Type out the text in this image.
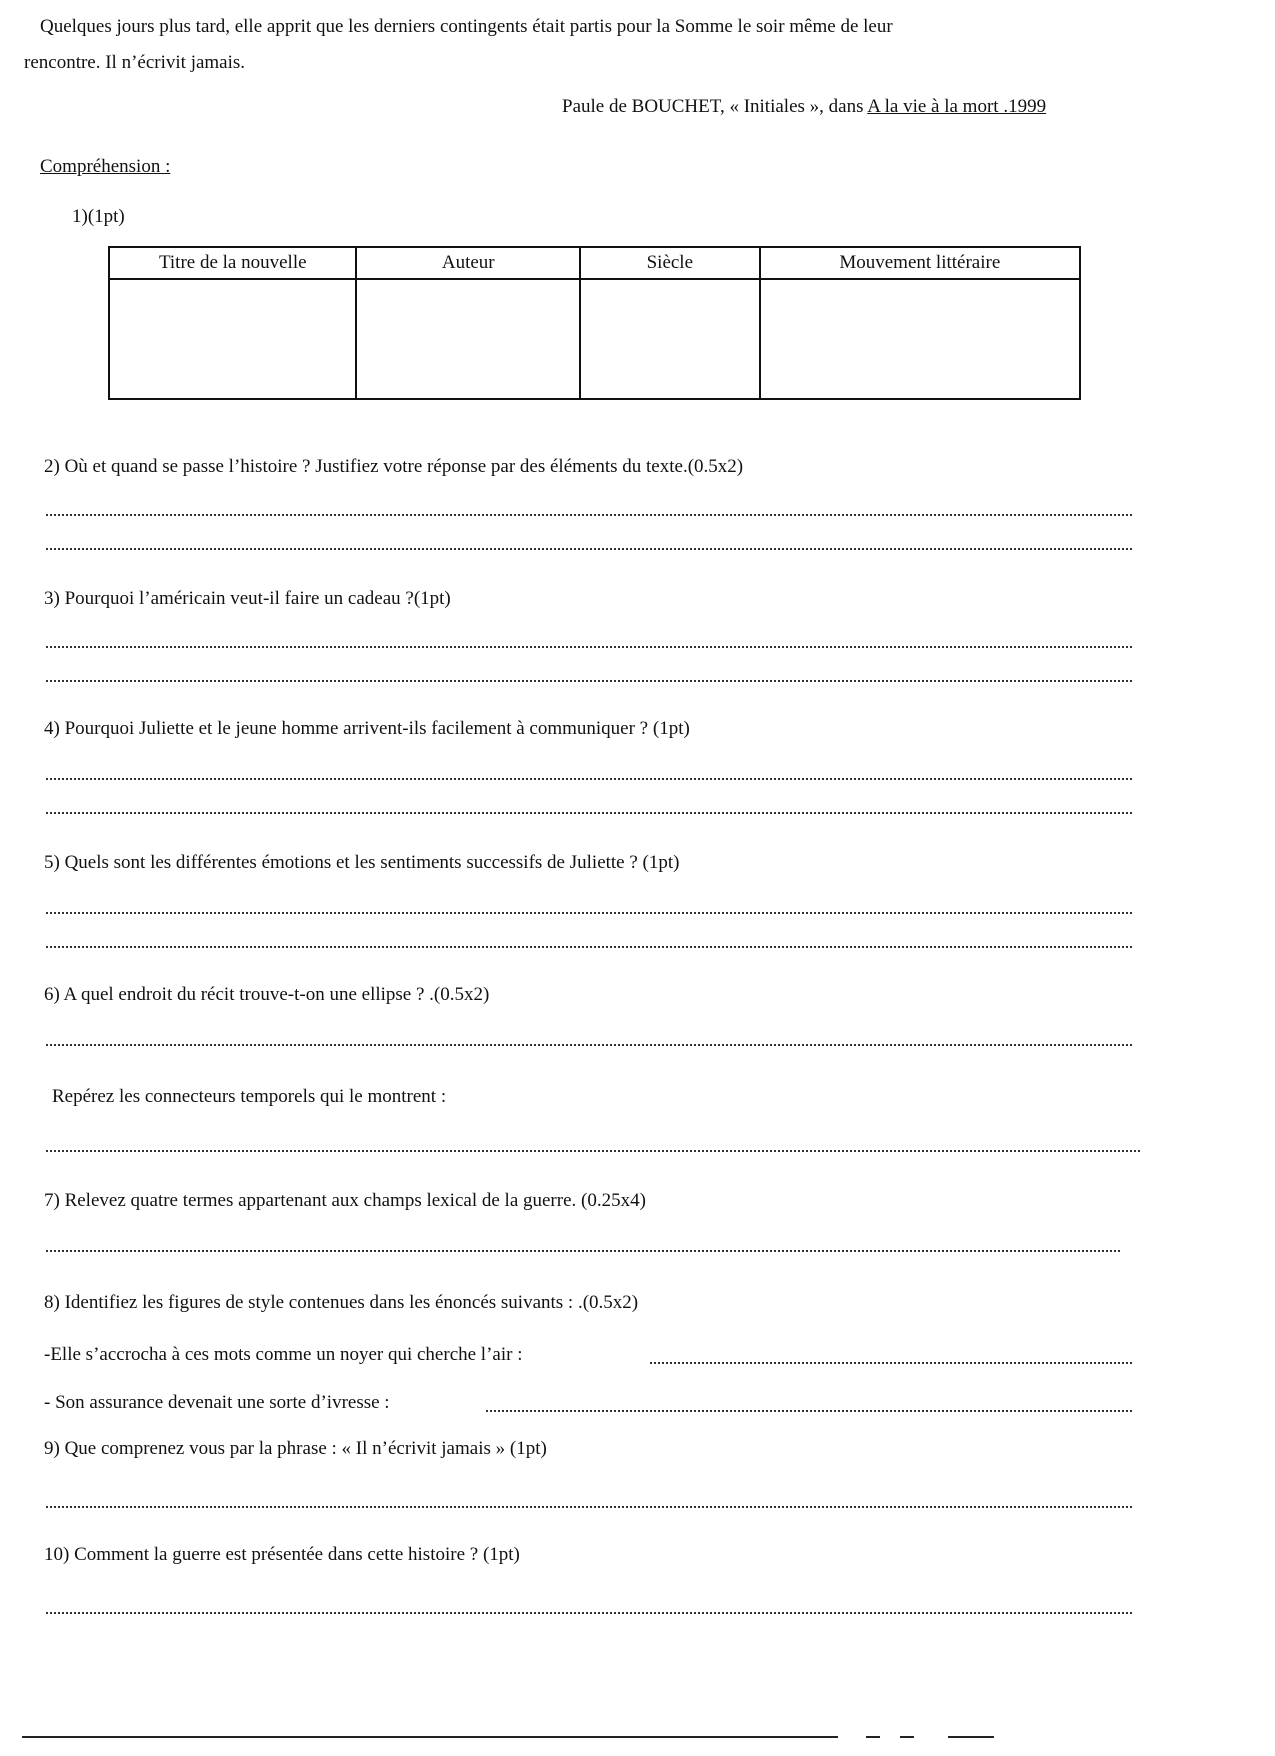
Quelques jours plus tard, elle apprit que les derniers contingents était partis pour la Somme le soir même de leur
rencontre. Il n’écrivit jamais.
Paule de BOUCHET, « Initiales », dans A la vie à la mort .1999
Compréhension :
1)(1pt)
Titre de la nouvelle	Auteur	Siècle	Mouvement littéraire

2) Où et quand se passe l’histoire ? Justifiez votre réponse par des éléments du texte.(0.5x2)
3) Pourquoi l’américain veut-il faire un cadeau ?(1pt)
4) Pourquoi Juliette et le jeune homme arrivent-ils facilement à communiquer ? (1pt)
5) Quels sont les différentes émotions et les sentiments successifs de Juliette ? (1pt)
6) A quel endroit du récit trouve-t-on une ellipse ? .(0.5x2)
Repérez les connecteurs temporels qui le montrent :
7) Relevez quatre termes appartenant aux champs lexical de la guerre. (0.25x4)
8) Identifiez les figures de style contenues dans les énoncés suivants : .(0.5x2)
-Elle s’accrocha à ces mots comme un noyer qui cherche l’air :
- Son assurance devenait une sorte d’ivresse :
9) Que comprenez vous par la phrase : « Il n’écrivit jamais » (1pt)
10) Comment la guerre est présentée dans cette histoire ? (1pt)
